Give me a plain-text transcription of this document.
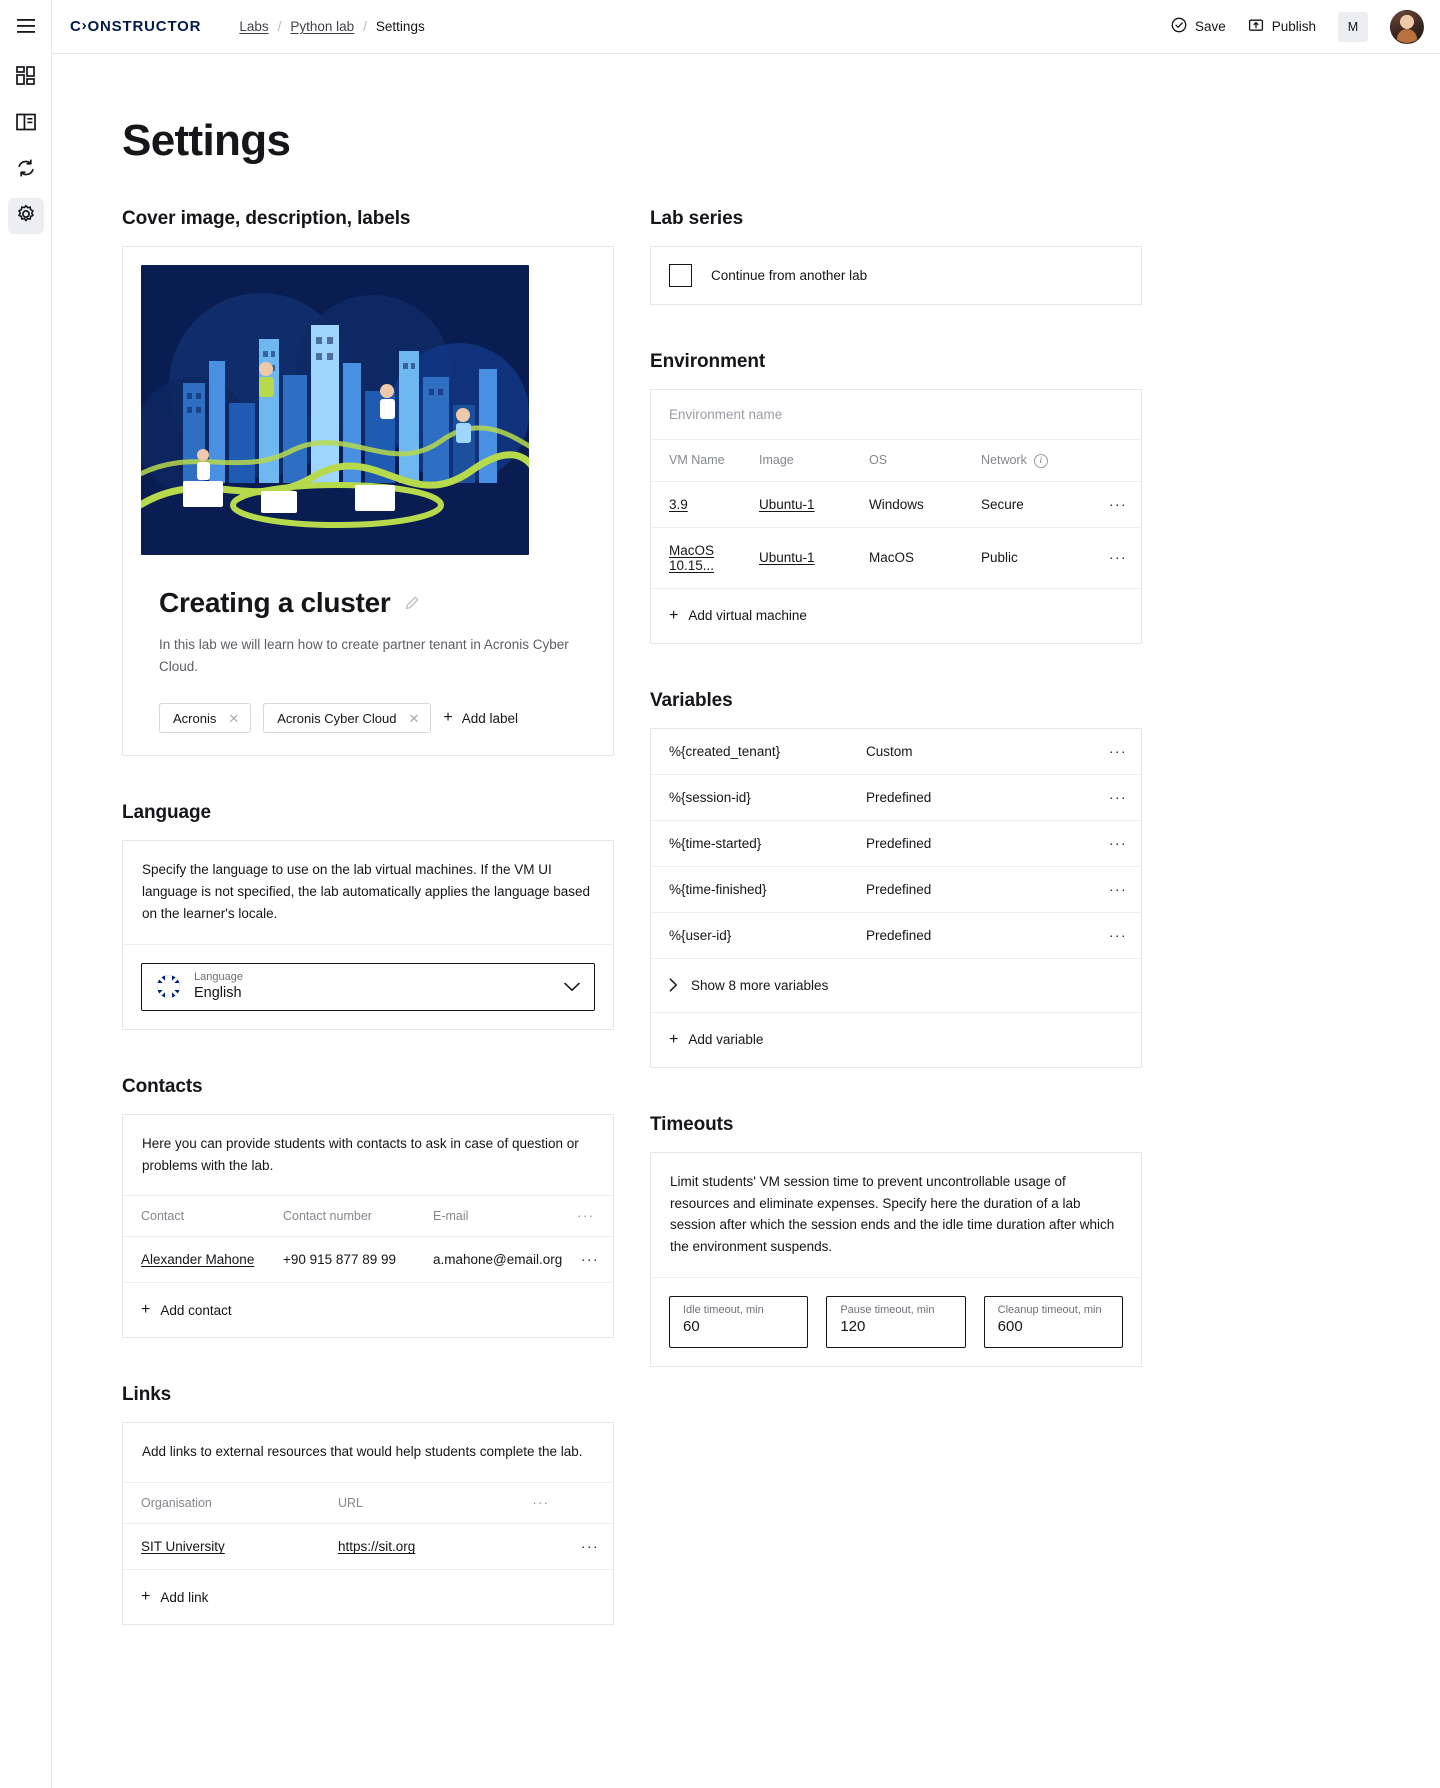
C›ONSTRUCTOR	Labs / Python lab / Settings	Save	Publish	M
Settings
Cover image, description, labels
Creating a cluster
In this lab we will learn how to create partner tenant in Acronis Cyber Cloud.
Acronis ✕	Acronis Cyber Cloud ✕ + Add label
Language
Specify the language to use on the lab virtual machines. If the VM UI language is not specified, the lab automatically applies the language based on the learner's locale.
Language
English
Contacts
Here you can provide students with contacts to ask in case of question or problems with the lab.
Contact	Contact number	E-mail	···
Alexander Mahone	+90 915 877 89 99	a.mahone@email.org	···
+ Add contact
Links
Add links to external resources that would help students complete the lab.
Organisation	URL	···
SIT University	https://sit.org	···
+ Add link
Lab series
Continue from another lab
Environment
Environment name
VM Name	Image	OS	Network i	
3.9	Ubuntu-1	Windows	Secure	···
MacOS 10.15...	Ubuntu-1	MacOS	Public	···
+ Add virtual machine
Variables
%{created_tenant}	Custom	···
%{session-id}	Predefined	···
%{time-started}	Predefined	···
%{time-finished}	Predefined	···
%{user-id}	Predefined	···
Show 8 more variables
+ Add variable
Timeouts
Limit students' VM session time to prevent uncontrollable usage of resources and eliminate expenses. Specify here the duration of a lab session after which the session ends and the idle time duration after which the environment suspends.
Idle timeout, min
60
Pause timeout, min
120
Cleanup timeout, min
600
